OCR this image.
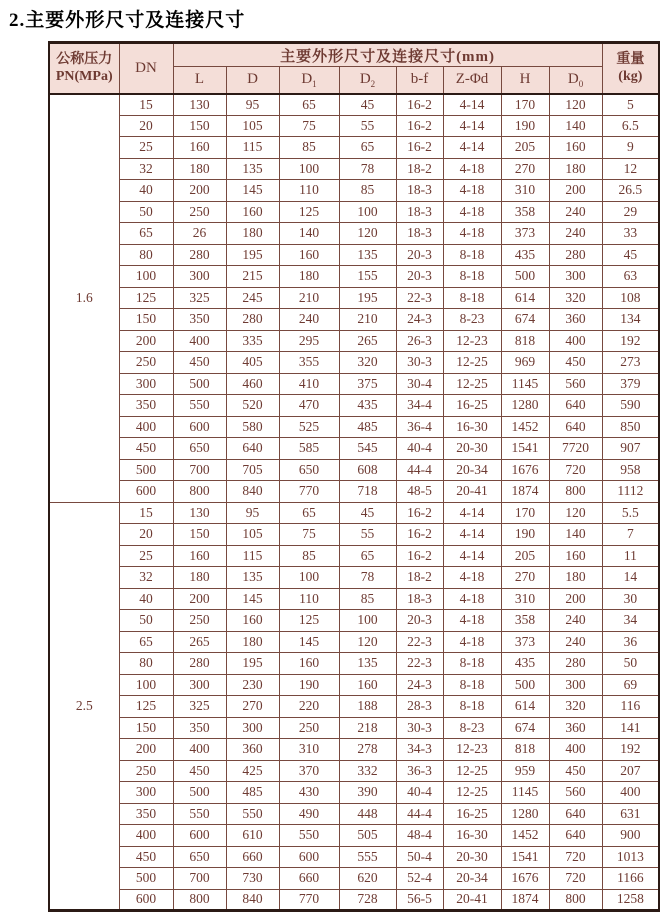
2.主要外形尺寸及连接尺寸
公称压力
PN(MPa)
	DN	主要外形尺寸及连接尺寸(mm)	重量
(kg)

		L	D	$D_1$	$D_2$	b-f	Z-Φd	H	$D_0$
1.6	15	130	95	65	45	16-2	4-14	170	120	5
	20	150	105	75	55	16-2	4-14	190	140	6.5
	25	160	115	85	65	16-2	4-14	205	160	9
	32	180	135	100	78	18-2	4-18	270	180	12
	40	200	145	110	85	18-3	4-18	310	200	26.5
	50	250	160	125	100	18-3	4-18	358	240	29
	65	26	180	140	120	18-3	4-18	373	240	33
	80	280	195	160	135	20-3	8-18	435	280	45
	100	300	215	180	155	20-3	8-18	500	300	63
	125	325	245	210	195	22-3	8-18	614	320	108
	150	350	280	240	210	24-3	8-23	674	360	134
	200	400	335	295	265	26-3	12-23	818	400	192
	250	450	405	355	320	30-3	12-25	969	450	273
	300	500	460	410	375	30-4	12-25	1145	560	379
	350	550	520	470	435	34-4	16-25	1280	640	590
	400	600	580	525	485	36-4	16-30	1452	640	850
	450	650	640	585	545	40-4	20-30	1541	7720	907
	500	700	705	650	608	44-4	20-34	1676	720	958
	600	800	840	770	718	48-5	20-41	1874	800	1112
2.5	15	130	95	65	45	16-2	4-14	170	120	5.5
	20	150	105	75	55	16-2	4-14	190	140	7
	25	160	115	85	65	16-2	4-14	205	160	11
	32	180	135	100	78	18-2	4-18	270	180	14
	40	200	145	110	85	18-3	4-18	310	200	30
	50	250	160	125	100	20-3	4-18	358	240	34
	65	265	180	145	120	22-3	4-18	373	240	36
	80	280	195	160	135	22-3	8-18	435	280	50
	100	300	230	190	160	24-3	8-18	500	300	69
	125	325	270	220	188	28-3	8-18	614	320	116
	150	350	300	250	218	30-3	8-23	674	360	141
	200	400	360	310	278	34-3	12-23	818	400	192
	250	450	425	370	332	36-3	12-25	959	450	207
	300	500	485	430	390	40-4	12-25	1145	560	400
	350	550	550	490	448	44-4	16-25	1280	640	631
	400	600	610	550	505	48-4	16-30	1452	640	900
	450	650	660	600	555	50-4	20-30	1541	720	1013
	500	700	730	660	620	52-4	20-34	1676	720	1166
	600	800	840	770	728	56-5	20-41	1874	800	1258
